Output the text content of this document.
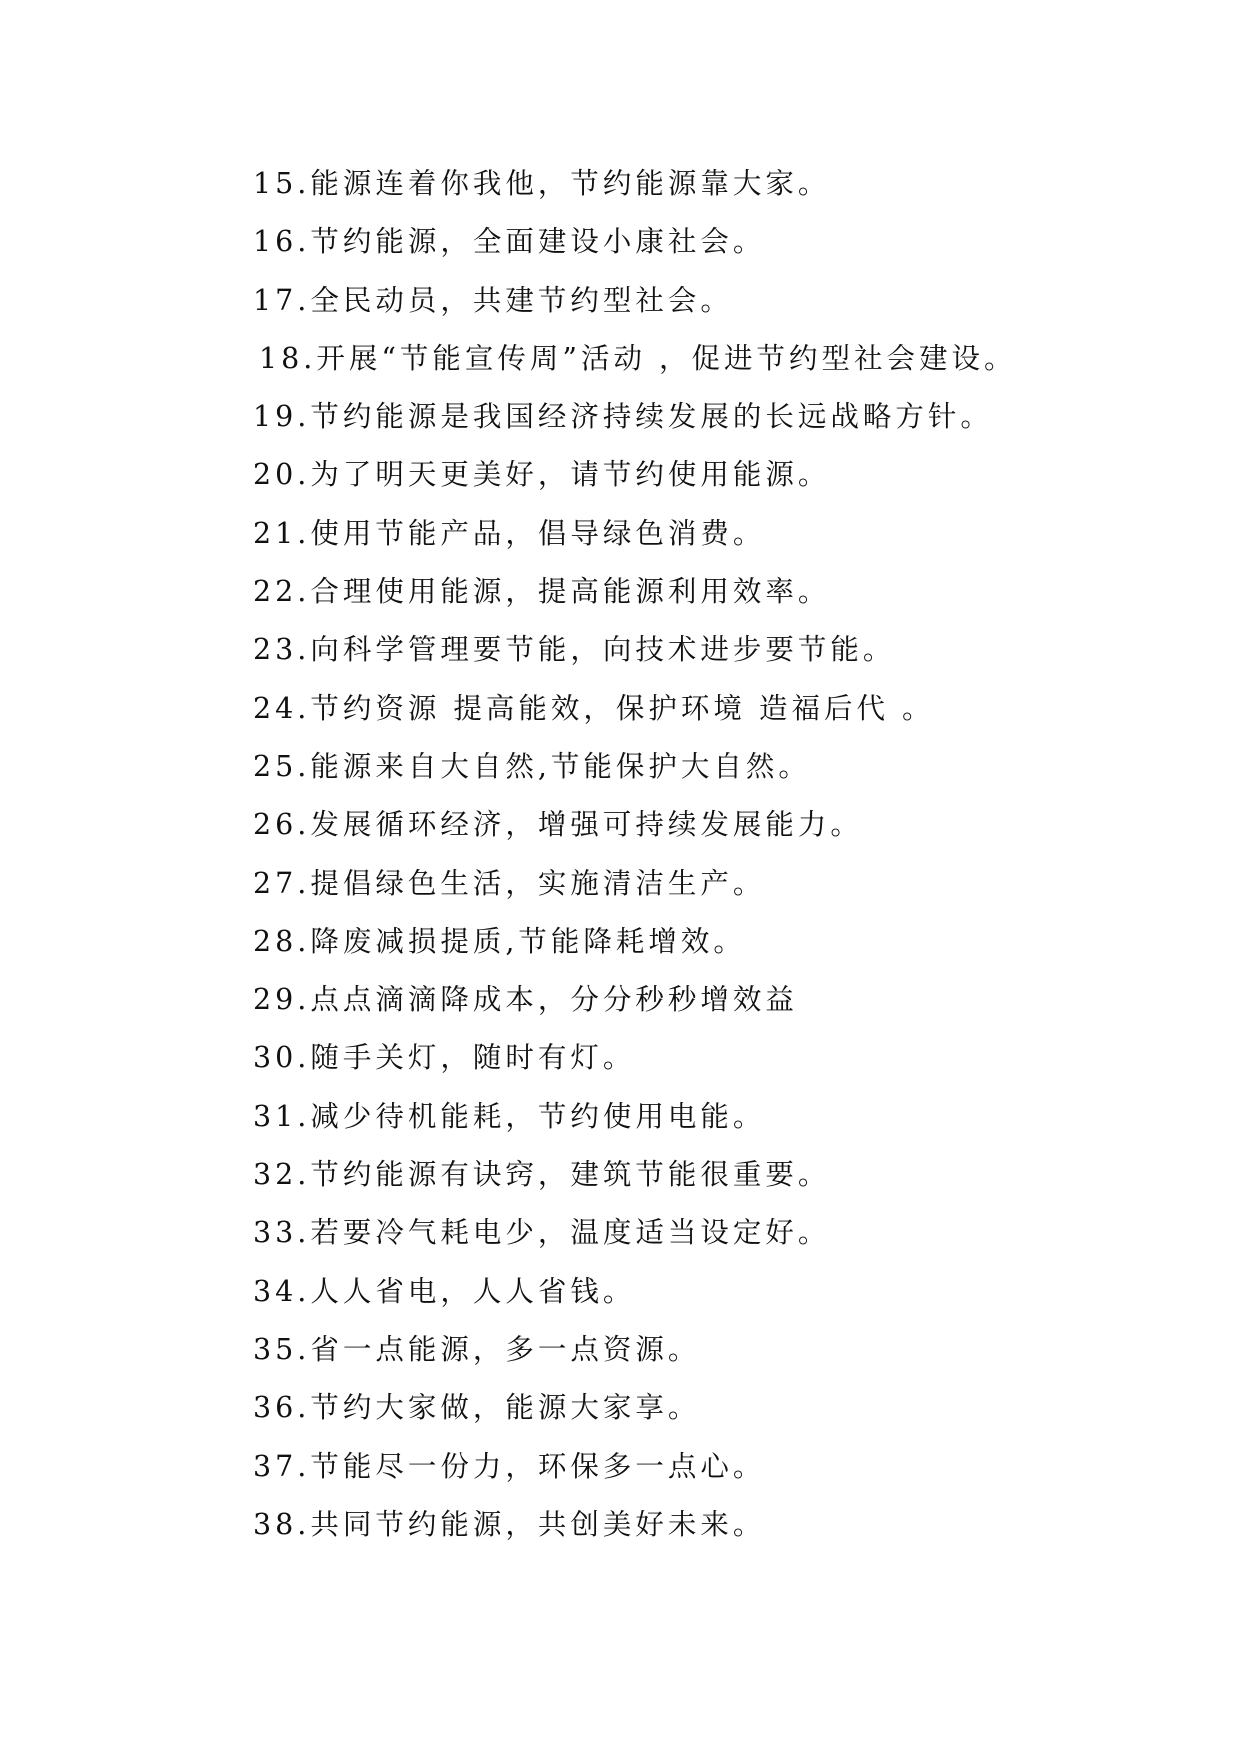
15.能源连着你我他，节约能源靠大家。
16.节约能源，全面建设小康社会。
17.全民动员，共建节约型社会。
18.开展“节能宣传周”活动 ，促进节约型社会建设。
19.节约能源是我国经济持续发展的长远战略方针。
20.为了明天更美好，请节约使用能源。
21.使用节能产品，倡导绿色消费。
22.合理使用能源，提高能源利用效率。
23.向科学管理要节能，向技术进步要节能。
24.节约资源 提高能效，保护环境 造福后代 。
25.能源来自大自然,节能保护大自然。
26.发展循环经济，增强可持续发展能力。
27.提倡绿色生活，实施清洁生产。
28.降废减损提质,节能降耗增效。
29.点点滴滴降成本，分分秒秒增效益
30.随手关灯，随时有灯。
31.减少待机能耗，节约使用电能。
32.节约能源有诀窍，建筑节能很重要。
33.若要冷气耗电少，温度适当设定好。
34.人人省电，人人省钱。
35.省一点能源，多一点资源。
36.节约大家做，能源大家享。
37.节能尽一份力，环保多一点心。
38.共同节约能源，共创美好未来。
